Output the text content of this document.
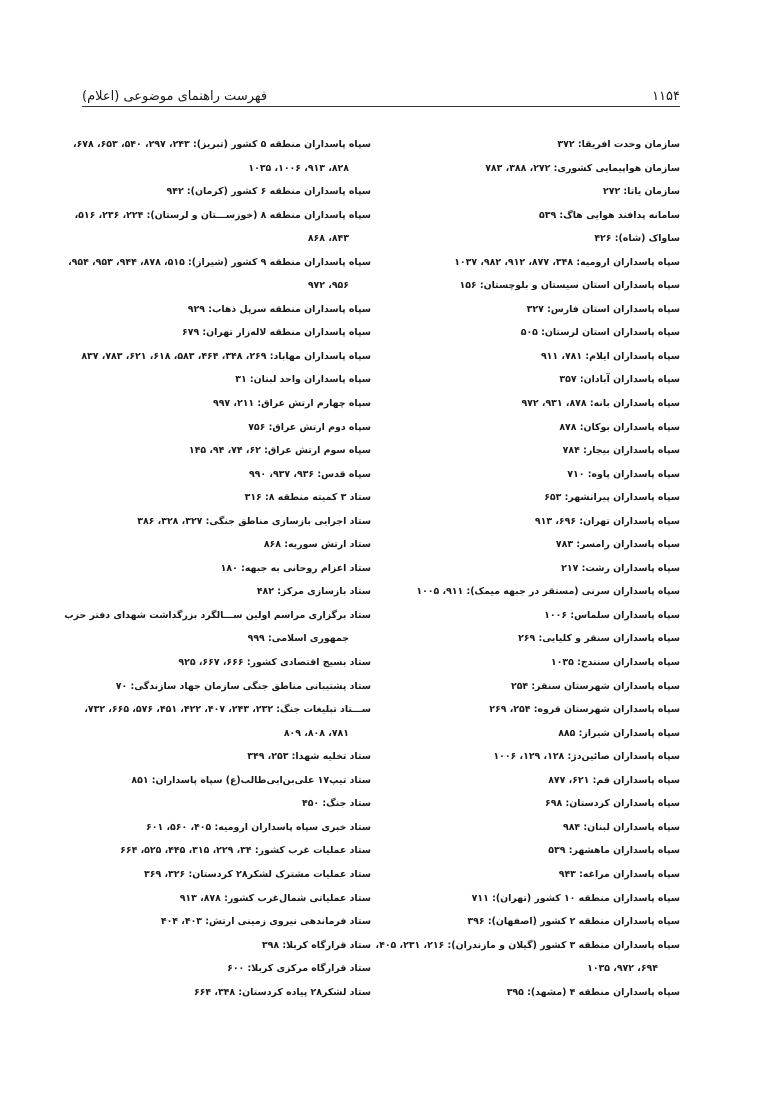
فهرست راهنمای موضوعی (اعلام)	۱۱۵۴
سازمان وحدت افریقا: ۳۷۲
سازمان هواپیمایی کشوری: ۲۷۲، ۳۸۸، ۷۸۳
سازمان یاتا: ۲۷۲
سامانه پدافند هوایی هاگ: ۵۳۹
ساواک (شاه): ۴۲۶
سپاه پاسداران ارومیه: ۳۴۸، ۸۷۷، ۹۱۲، ۹۸۲، ۱۰۳۷
سپاه پاسداران استان سیستان و بلوچستان: ۱۵۶
سپاه پاسداران استان فارس: ۳۲۷
سپاه پاسداران استان لرستان: ۵۰۵
سپاه پاسداران ایلام: ۷۸۱، ۹۱۱
سپاه پاسداران آبادان: ۳۵۷
سپاه پاسداران بانه: ۸۷۸، ۹۳۱، ۹۷۲
سپاه پاسداران بوکان: ۸۷۸
سپاه پاسداران بیجار: ۷۸۴
سپاه پاسداران پاوه: ۷۱۰
سپاه پاسداران پیرانشهر: ۶۵۳
سپاه پاسداران تهران: ۶۹۶، ۹۱۳
سپاه پاسداران رامسر: ۷۸۳
سپاه پاسداران رشت: ۲۱۷
سپاه پاسداران سرنی (مستقر در جبهه میمک): ۹۱۱، ۱۰۰۵
سپاه پاسداران سلماس: ۱۰۰۶
سپاه پاسداران سنقر و کلیایی: ۲۶۹
سپاه پاسداران سنندج: ۱۰۳۵
سپاه پاسداران شهرستان سنقر: ۲۵۴
سپاه پاسداران شهرستان قروه: ۲۵۴، ۲۶۹
سپاه پاسداران شیراز: ۸۸۵
سپاه پاسداران صائین‌دژ: ۱۲۸، ۱۲۹، ۱۰۰۶
سپاه پاسداران قم: ۶۲۱، ۸۷۷
سپاه پاسداران کردستان: ۶۹۸
سپاه پاسداران لبنان: ۹۸۴
سپاه پاسداران ماهشهر: ۵۳۹
سپاه پاسداران مراغه: ۹۴۳
سپاه پاسداران منطقه ۱۰ کشور (تهران): ۷۱۱
سپاه پاسداران منطقه ۲ کشور (اصفهان): ۳۹۶
سپاه پاسداران منطقه ۳ کشور (گیلان و مازندران): ۲۱۶، ۲۳۱، ۴۰۵،
۶۹۴، ۹۷۲، ۱۰۳۵
سپاه پاسداران منطقه ۴ (مشهد): ۳۹۵
سپاه پاسداران منطقه ۵ کشور (تبریز): ۲۴۳، ۲۹۷، ۵۴۰، ۶۵۳، ۶۷۸،
۸۲۸، ۹۱۳، ۱۰۰۶، ۱۰۳۵
سپاه پاسداران منطقه ۶ کشور (کرمان): ۹۴۲
سپاه پاسداران منطقه ۸ (خوزســـتان و لرستان): ۲۲۴، ۲۳۶، ۵۱۶،
۸۴۳، ۸۶۸
سپاه پاسداران منطقه ۹ کشور (شیراز): ۵۱۵، ۸۷۸، ۹۴۴، ۹۵۳، ۹۵۴،
۹۵۶، ۹۷۲
سپاه پاسداران منطقه سرپل ذهاب: ۹۲۹
سپاه پاسداران منطقه لاله‌زار تهران: ۶۷۹
سپاه پاسداران مهاباد: ۲۶۹، ۳۴۸، ۴۶۴، ۵۸۳، ۶۱۸، ۶۲۱، ۷۸۳، ۸۳۷
سپاه پاسداران واحد لبنان: ۳۱
سپاه چهارم ارتش عراق: ۲۱۱، ۹۹۷
سپاه دوم ارتش عراق: ۷۵۶
سپاه سوم ارتش عراق: ۶۲، ۷۴، ۹۴، ۱۴۵
سپاه قدس: ۹۳۶، ۹۳۷، ۹۹۰
ستاد ۳ کمیته منطقه ۸: ۳۱۶
ستاد اجرایی بازسازی مناطق جنگی: ۳۲۷، ۳۲۸، ۳۸۶
ستاد ارتش سوریه: ۸۶۸
ستاد اعزام روحانی به جبهه: ۱۸۰
ستاد بازسازی مرکز: ۴۸۲
ستاد برگزاری مراسم اولین ســـالگرد بزرگداشت شهدای دفتر حزب
جمهوری اسلامی: ۹۹۹
ستاد بسیج اقتصادی کشور: ۶۶۶، ۶۶۷، ۹۲۵
ستاد پشتیبانی مناطق جنگی سازمان جهاد سازندگی: ۷۰
ســـتاد تبلیغات جنگ: ۲۳۲، ۲۴۳، ۴۰۷، ۴۲۲، ۴۵۱، ۵۷۶، ۶۶۵، ۷۳۲،
۷۸۱، ۸۰۸، ۸۰۹
ستاد تخلیه شهدا: ۲۵۳، ۳۴۹
ستاد تیپ۱۷ علی‌بن‌ابی‌طالب(ع) سپاه پاسداران: ۸۵۱
ستاد جنگ: ۴۵۰
ستاد خبری سپاه پاسداران ارومیه: ۴۰۵، ۵۶۰، ۶۰۱
ستاد عملیات غرب کشور: ۳۴، ۲۲۹، ۳۱۵، ۴۴۵، ۵۲۵، ۶۶۴
ستاد عملیات مشترک لشکر۲۸ کردستان: ۳۲۶، ۳۶۹
ستاد عملیاتی شمال‌غرب کشور: ۸۷۸، ۹۱۳
ستاد فرماندهی نیروی زمینی ارتش: ۴۰۳، ۴۰۴
ستاد قرارگاه کربلا: ۳۹۸
ستاد قرارگاه مرکزی کربلا: ۶۰۰
ستاد لشکر۲۸ پیاده کردستان: ۳۴۸، ۶۶۴
